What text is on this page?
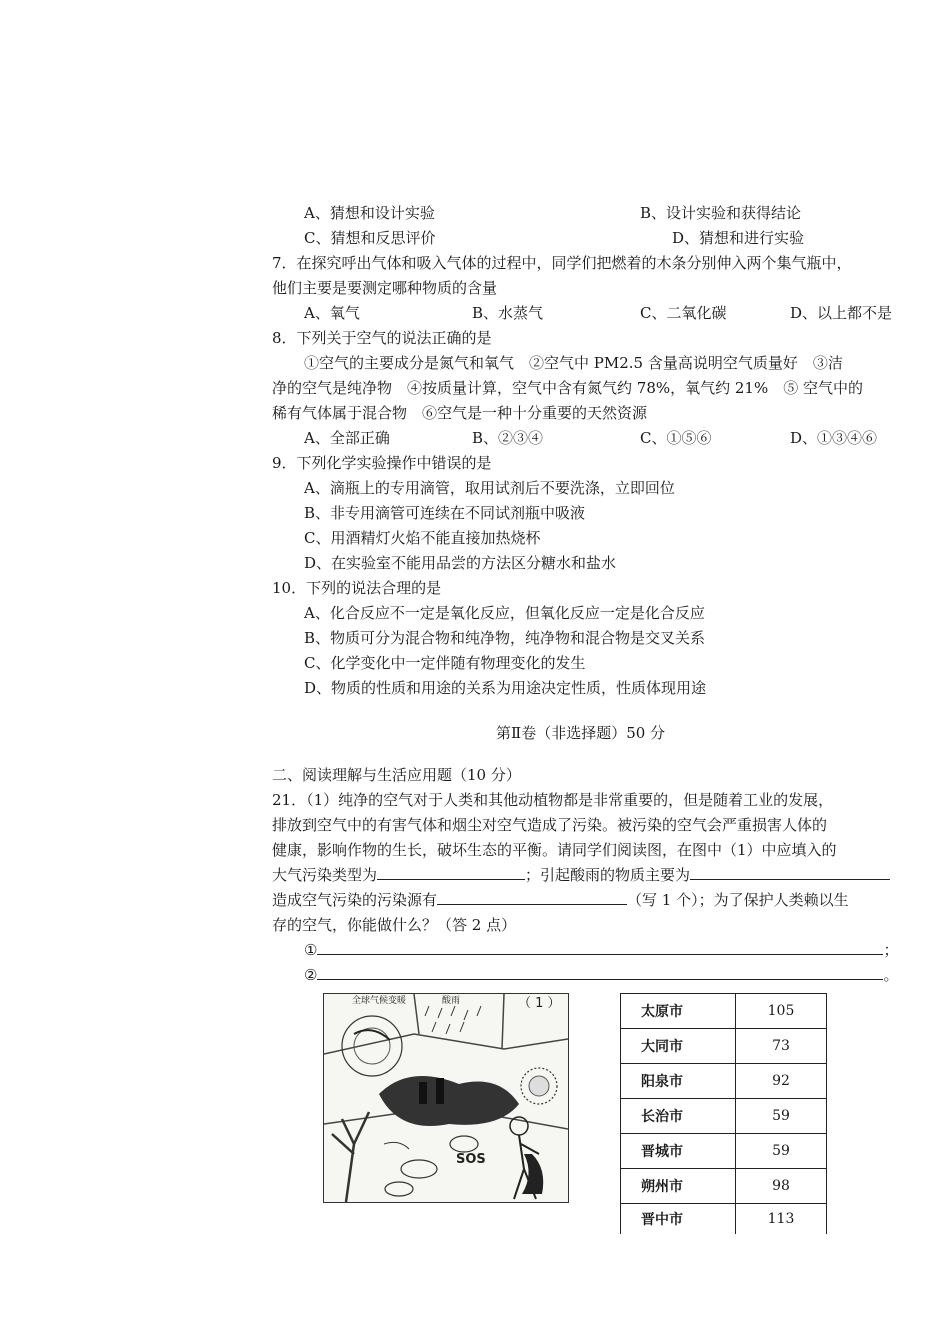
A、猜想和设计实验	B、设计实验和获得结论
C、猜想和反思评价	D、猜想和进行实验
7．在探究呼出气体和吸入气体的过程中，同学们把燃着的木条分别伸入两个集气瓶中，
他们主要是要测定哪种物质的含量
A、氧气	B、水蒸气	C、二氧化碳	D、以上都不是
8．下列关于空气的说法正确的是
①空气的主要成分是氮气和氧气　②空气中 PM2.5 含量高说明空气质量好　③洁
净的空气是纯净物　④按质量计算，空气中含有氮气约 78%，氧气约 21%　⑤ 空气中的
稀有气体属于混合物　⑥空气是一种十分重要的天然资源
A、全部正确	B、②③④	C、①⑤⑥	D、①③④⑥
9．下列化学实验操作中错误的是
A、滴瓶上的专用滴管，取用试剂后不要洗涤，立即回位
B、非专用滴管可连续在不同试剂瓶中吸液
C、用酒精灯火焰不能直接加热烧杯
D、在实验室不能用品尝的方法区分糖水和盐水
10．下列的说法合理的是
A、化合反应不一定是氧化反应，但氧化反应一定是化合反应
B、物质可分为混合物和纯净物，纯净物和混合物是交叉关系
C、化学变化中一定伴随有物理变化的发生
D、物质的性质和用途的关系为用途决定性质，性质体现用途
第Ⅱ卷（非选择题）50 分
二、阅读理解与生活应用题（10 分）
21．（1）纯净的空气对于人类和其他动植物都是非常重要的，但是随着工业的发展，
排放到空气中的有害气体和烟尘对空气造成了污染。被污染的空气会严重损害人体的
健康，影响作物的生长，破坏生态的平衡。请同学们阅读图，在图中（1）中应填入的
大气污染类型为	；引起酸雨的物质主要为
造成空气污染的污染源有	（写 1 个）；为了保护人类赖以生
存的空气，你能做什么？（答 2 点）
①	；
②	。
全球气候变暖	酸雨	（ 1 ）
SOS
太原市	105
大同市	73
阳泉市	92
长治市	59
晋城市	59
朔州市	98
晋中市	113
